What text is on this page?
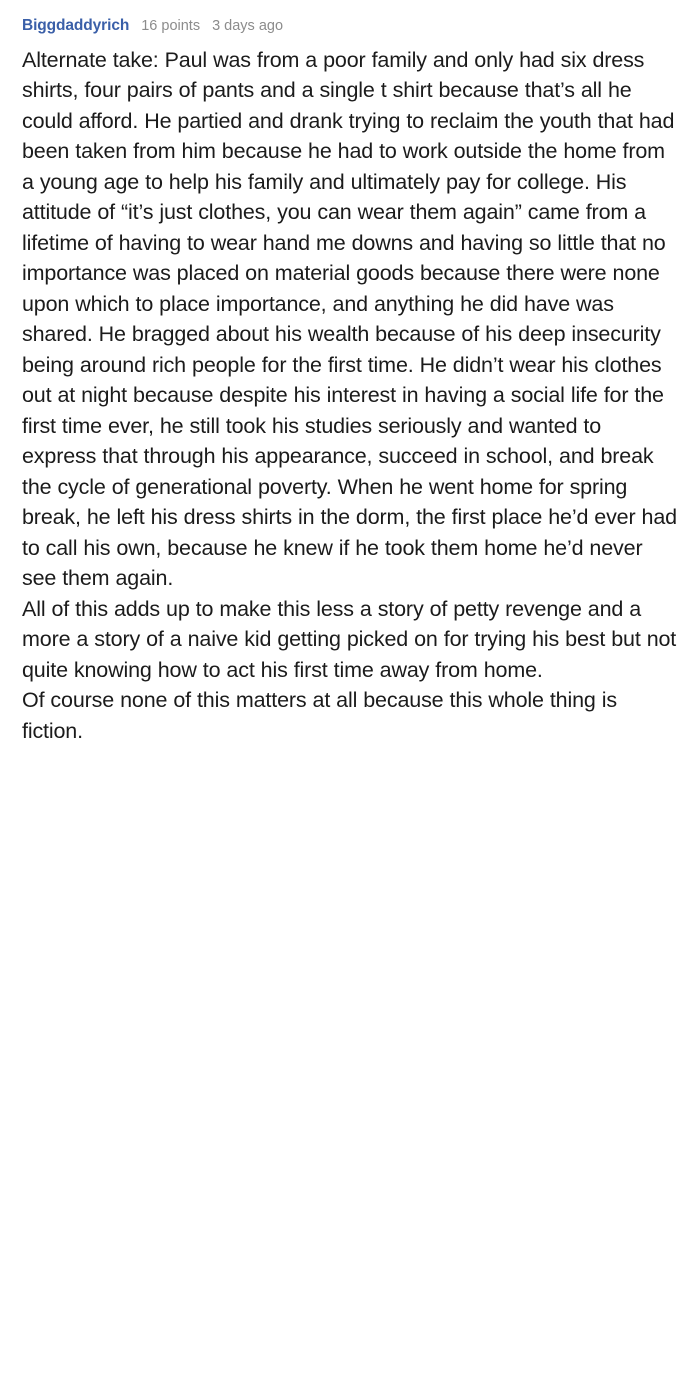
Biggdaddyrich 16 points 3 days ago

Alternate take: Paul was from a poor family and only had six dress shirts, four pairs of pants and a single t shirt because that’s all he could afford. He partied and drank trying to reclaim the youth that had been taken from him because he had to work outside the home from a young age to help his family and ultimately pay for college. His attitude of “it’s just clothes, you can wear them again” came from a lifetime of having to wear hand me downs and having so little that no importance was placed on material goods because there were none upon which to place importance, and anything he did have was shared. He bragged about his wealth because of his deep insecurity being around rich people for the first time. He didn’t wear his clothes out at night because despite his interest in having a social life for the first time ever, he still took his studies seriously and wanted to express that through his appearance, succeed in school, and break the cycle of generational poverty. When he went home for spring break, he left his dress shirts in the dorm, the first place he’d ever had to call his own, because he knew if he took them home he’d never see them again.

All of this adds up to make this less a story of petty revenge and a more a story of a naive kid getting picked on for trying his best but not quite knowing how to act his first time away from home.

Of course none of this matters at all because this whole thing is fiction.
